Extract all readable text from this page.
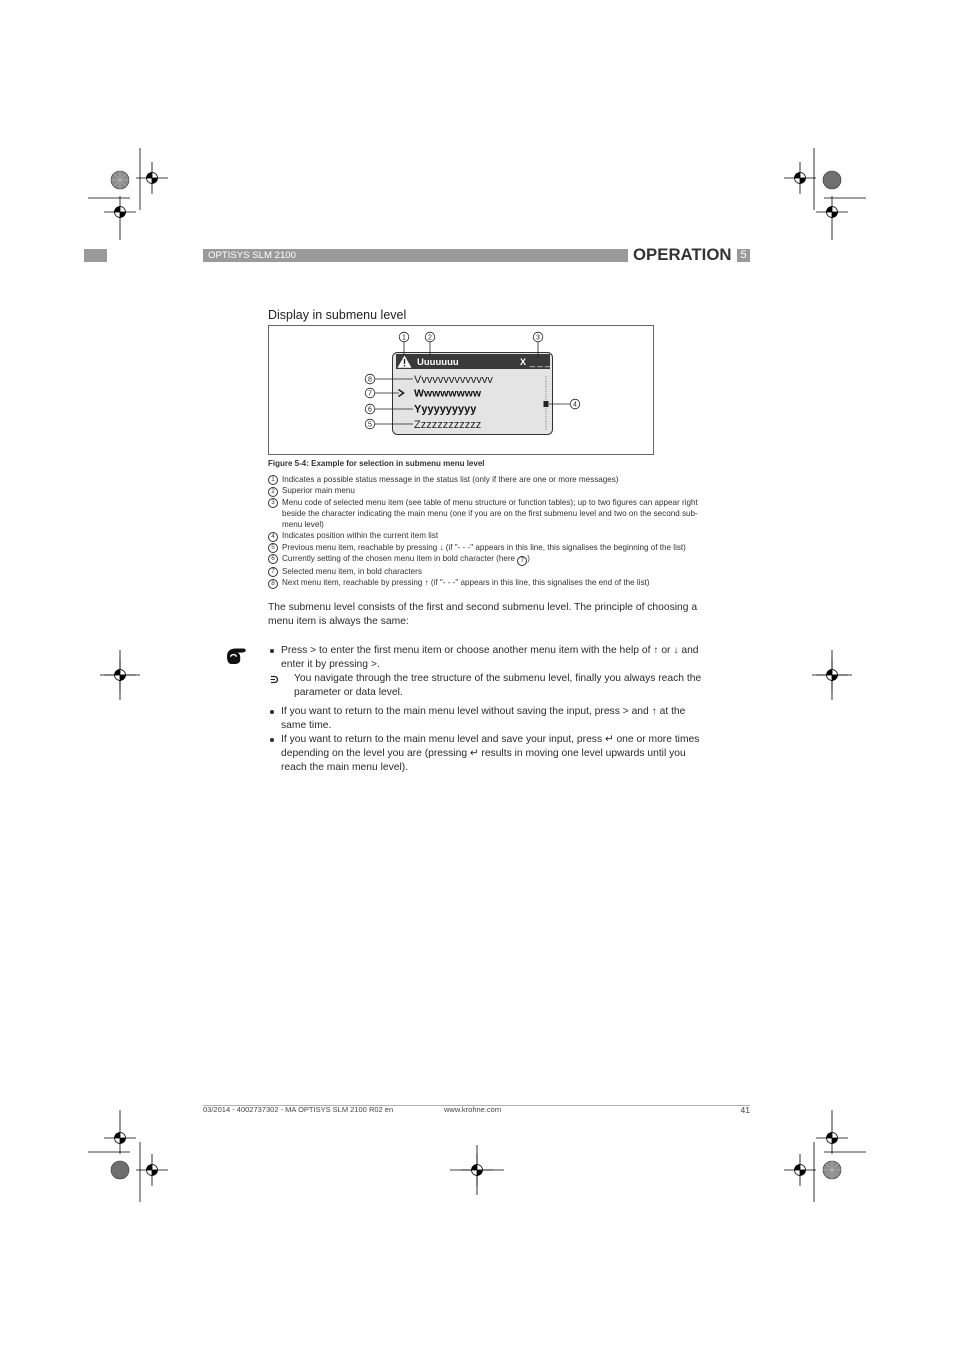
OPTISYS SLM 2100	OPERATION 5
Display in submenu level
Uuuuuuu	X _ _ _
Vvvvvvvvvvvvvv
Wwwwwwww
Yyyyyyyyyy
Zzzzzzzzzzzz
1	2	3
4
5
6
7
8
Figure 5-4: Example for selection in submenu menu level
1 Indicates a possible status message in the status list (only if there are one or more messages)
2 Superior main menu
3 Menu code of selected menu item (see table of menu structure or function tables); up to two figures can appear right
beside the character indicating the main menu (one if you are on the first submenu level and two on the second sub-
menu level)
4 Indicates position within the current item list
5 Previous menu item, reachable by pressing ↓ (if "- - -" appears in this line, this signalises the beginning of the list)
6 Currently setting of the chosen menu item in bold character (here 7 )
7 Selected menu item, in bold characters
8 Next menu item, reachable by pressing ↑ (if "- - -" appears in this line, this signalises the end of the list)
The submenu level consists of the first and second submenu level. The principle of choosing a
menu item is always the same:
Press > to enter the first menu item or choose another menu item with the help of ↑ or ↓ and
enter it by pressing >.
You navigate through the tree structure of the submenu level, finally you always reach the
parameter or data level.
If you want to return to the main menu level without saving the input, press > and ↑ at the
same time.
If you want to return to the main menu level and save your input, press ↵ one or more times
depending on the level you are (pressing ↵ results in moving one level upwards until you
reach the main menu level).
03/2014 - 4002737302 - MA OPTISYS SLM 2100 R02 en	www.krohne.com	41
